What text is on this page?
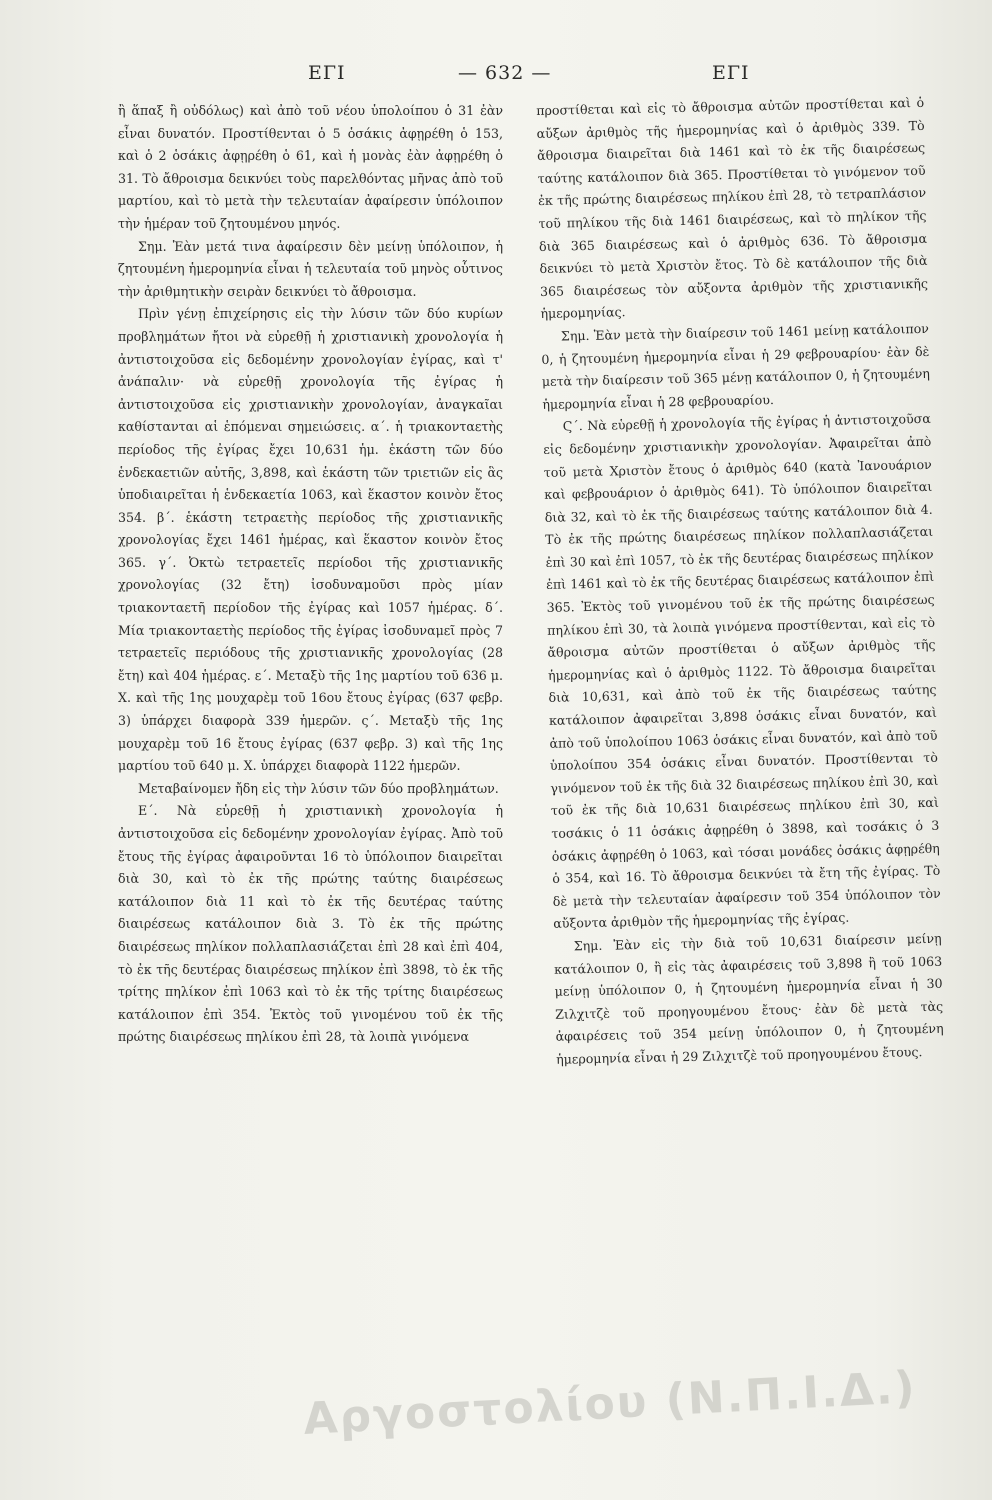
ΕΓΙ	— 632 —	ΕΓΙ

ἢ ἅπαξ ἢ οὐδόλως) καὶ ἀπὸ τοῦ νέου ὑπολοίπου ὁ 31 ἐὰν εἶναι δυνατόν. Προστίθενται ὁ 5 ὁσάκις ἀφῃρέθη ὁ 153, καὶ ὁ 2 ὁσάκις ἀφῃρέθη ὁ 61, καὶ ἡ μονὰς ἐὰν ἀφῃρέθη ὁ 31. Τὸ ἄθροισμα δεικνύει τοὺς παρελθόντας μῆνας ἀπὸ τοῦ μαρτίου, καὶ τὸ μετὰ τὴν τελευταίαν ἀφαίρεσιν ὑπόλοιπον τὴν ἡμέραν τοῦ ζητουμένου μηνός.

Σημ. Ἐὰν μετά τινα ἀφαίρεσιν δὲν μείνῃ ὑπόλοιπον, ἡ ζητουμένη ἡμερομηνία εἶναι ἡ τελευταία τοῦ μηνὸς οὗτινος τὴν ἀριθμητικὴν σειρὰν δεικνύει τὸ ἄθροισμα.

Πρὶν γένῃ ἐπιχείρησις εἰς τὴν λύσιν τῶν δύο κυρίων προβλημάτων ἤτοι νὰ εὑρεθῇ ἡ χριστιανικὴ χρονολογία ἡ ἀντιστοιχοῦσα εἰς δεδομένην χρονολογίαν ἐγίρας, καὶ τ' ἀνάπαλιν· νὰ εὑρεθῇ χρονολογία τῆς ἐγίρας ἡ ἀντιστοιχοῦσα εἰς χριστιανικὴν χρονολογίαν, ἀναγκαῖαι καθίστανται αἱ ἑπόμεναι σημειώσεις. α΄. ἡ τριακονταετὴς περίοδος τῆς ἐγίρας ἔχει 10,631 ἡμ. ἑκάστη τῶν δύο ἑνδεκαετιῶν αὐτῆς, 3,898, καὶ ἑκάστη τῶν τριετιῶν εἰς ἃς ὑποδιαιρεῖται ἡ ἑνδεκαετία 1063, καὶ ἕκαστον κοινὸν ἔτος 354. β΄. ἑκάστη τετραετὴς περίοδος τῆς χριστιανικῆς χρονολογίας ἔχει 1461 ἡμέρας, καὶ ἕκαστον κοινὸν ἔτος 365. γ΄. Ὀκτὼ τετραετεῖς περίοδοι τῆς χριστιανικῆς χρονολογίας (32 ἔτη) ἰσοδυναμοῦσι πρὸς μίαν τριακονταετῆ περίοδον τῆς ἐγίρας καὶ 1057 ἡμέρας. δ΄. Μία τριακονταετὴς περίοδος τῆς ἐγίρας ἰσοδυναμεῖ πρὸς 7 τετραετεῖς περιόδους τῆς χριστιανικῆς χρονολογίας (28 ἔτη) καὶ 404 ἡμέρας. ε΄. Μεταξὺ τῆς 1ης μαρτίου τοῦ 636 μ. Χ. καὶ τῆς 1ης μουχαρὲμ τοῦ 16ου ἔτους ἐγίρας (637 φεβρ. 3) ὑπάρχει διαφορὰ 339 ἡμερῶν. ς΄. Μεταξὺ τῆς 1ης μουχαρὲμ τοῦ 16 ἔτους ἐγίρας (637 φεβρ. 3) καὶ τῆς 1ης μαρτίου τοῦ 640 μ. Χ. ὑπάρχει διαφορὰ 1122 ἡμερῶν.

Μεταβαίνομεν ἤδη εἰς τὴν λύσιν τῶν δύο προβλημάτων.

Ε΄. Νὰ εὑρεθῇ ἡ χριστιανικὴ χρονολογία ἡ ἀντιστοιχοῦσα εἰς δεδομένην χρονολογίαν ἐγίρας. Ἀπὸ τοῦ ἔτους τῆς ἐγίρας ἀφαιροῦνται 16 τὸ ὑπόλοιπον διαιρεῖται διὰ 30, καὶ τὸ ἐκ τῆς πρώτης ταύτης διαιρέσεως κατάλοιπον διὰ 11 καὶ τὸ ἐκ τῆς δευτέρας ταύτης διαιρέσεως κατάλοιπον διὰ 3. Τὸ ἐκ τῆς πρώτης διαιρέσεως πηλίκον πολλαπλασιάζεται ἐπὶ 28 καὶ ἐπὶ 404, τὸ ἐκ τῆς δευτέρας διαιρέσεως πηλίκον ἐπὶ 3898, τὸ ἐκ τῆς τρίτης πηλίκον ἐπὶ 1063 καὶ τὸ ἐκ τῆς τρίτης διαιρέσεως κατάλοιπον ἐπὶ 354. Ἐκτὸς τοῦ γινομένου τοῦ ἐκ τῆς πρώτης διαιρέσεως πηλίκου ἐπὶ 28, τὰ λοιπὰ γινόμενα

προστίθεται καὶ εἰς τὸ ἄθροισμα αὐτῶν προστίθεται καὶ ὁ αὔξων ἀριθμὸς τῆς ἡμερομηνίας καὶ ὁ ἀριθμὸς 339. Τὸ ἄθροισμα διαιρεῖται διὰ 1461 καὶ τὸ ἐκ τῆς διαιρέσεως ταύτης κατάλοιπον διὰ 365. Προστίθεται τὸ γινόμενον τοῦ ἐκ τῆς πρώτης διαιρέσεως πηλίκου ἐπὶ 28, τὸ τετραπλάσιον τοῦ πηλίκου τῆς διὰ 1461 διαιρέσεως, καὶ τὸ πηλίκον τῆς διὰ 365 διαιρέσεως καὶ ὁ ἀριθμὸς 636. Τὸ ἄθροισμα δεικνύει τὸ μετὰ Χριστὸν ἔτος. Τὸ δὲ κατάλοιπον τῆς διὰ 365 διαιρέσεως τὸν αὔξοντα ἀριθμὸν τῆς χριστιανικῆς ἡμερομηνίας.

Σημ. Ἐὰν μετὰ τὴν διαίρεσιν τοῦ 1461 μείνῃ κατάλοιπον 0, ἡ ζητουμένη ἡμερομηνία εἶναι ἡ 29 φεβρουαρίου· ἐὰν δὲ μετὰ τὴν διαίρεσιν τοῦ 365 μένῃ κατάλοιπον 0, ἡ ζητουμένη ἡμερομηνία εἶναι ἡ 28 φεβρουαρίου.

Ϛ΄. Νὰ εὑρεθῇ ἡ χρονολογία τῆς ἐγίρας ἡ ἀντιστοιχοῦσα εἰς δεδομένην χριστιανικὴν χρονολογίαν. Ἀφαιρεῖται ἀπὸ τοῦ μετὰ Χριστὸν ἔτους ὁ ἀριθμὸς 640 (κατὰ Ἰανουάριον καὶ φεβρουάριον ὁ ἀριθμὸς 641). Τὸ ὑπόλοιπον διαιρεῖται διὰ 32, καὶ τὸ ἐκ τῆς διαιρέσεως ταύτης κατάλοιπον διὰ 4. Τὸ ἐκ τῆς πρώτης διαιρέσεως πηλίκον πολλαπλασιάζεται ἐπὶ 30 καὶ ἐπὶ 1057, τὸ ἐκ τῆς δευτέρας διαιρέσεως πηλίκον ἐπὶ 1461 καὶ τὸ ἐκ τῆς δευτέρας διαιρέσεως κατάλοιπον ἐπὶ 365. Ἐκτὸς τοῦ γινομένου τοῦ ἐκ τῆς πρώτης διαιρέσεως πηλίκου ἐπὶ 30, τὰ λοιπὰ γινόμενα προστίθενται, καὶ εἰς τὸ ἄθροισμα αὐτῶν προστίθεται ὁ αὔξων ἀριθμὸς τῆς ἡμερομηνίας καὶ ὁ ἀριθμὸς 1122. Τὸ ἄθροισμα διαιρεῖται διὰ 10,631, καὶ ἀπὸ τοῦ ἐκ τῆς διαιρέσεως ταύτης κατάλοιπον ἀφαιρεῖται 3,898 ὁσάκις εἶναι δυνατόν, καὶ ἀπὸ τοῦ ὑπολοίπου 1063 ὁσάκις εἶναι δυνατόν, καὶ ἀπὸ τοῦ ὑπολοίπου 354 ὁσάκις εἶναι δυνατόν. Προστίθενται τὸ γινόμενον τοῦ ἐκ τῆς διὰ 32 διαιρέσεως πηλίκου ἐπὶ 30, καὶ τοῦ ἐκ τῆς διὰ 10,631 διαιρέσεως πηλίκου ἐπὶ 30, καὶ τοσάκις ὁ 11 ὁσάκις ἀφῃρέθη ὁ 3898, καὶ τοσάκις ὁ 3 ὁσάκις ἀφῃρέθη ὁ 1063, καὶ τόσαι μονάδες ὁσάκις ἀφῃρέθη ὁ 354, καὶ 16. Τὸ ἄθροισμα δεικνύει τὰ ἔτη τῆς ἐγίρας. Τὸ δὲ μετὰ τὴν τελευταίαν ἀφαίρεσιν τοῦ 354 ὑπόλοιπον τὸν αὔξοντα ἀριθμὸν τῆς ἡμερομηνίας τῆς ἐγίρας.

Σημ. Ἐὰν εἰς τὴν διὰ τοῦ 10,631 διαίρεσιν μείνῃ κατάλοιπον 0, ἢ εἰς τὰς ἀφαιρέσεις τοῦ 3,898 ἢ τοῦ 1063 μείνῃ ὑπόλοιπον 0, ἡ ζητουμένη ἡμερομηνία εἶναι ἡ 30 Ζιλχιτζὲ τοῦ προηγουμένου ἔτους· ἐὰν δὲ μετὰ τὰς ἀφαιρέσεις τοῦ 354 μείνῃ ὑπόλοιπον 0, ἡ ζητουμένη ἡμερομηνία εἶναι ἡ 29 Ζιλχιτζὲ τοῦ προηγουμένου ἔτους.

Αργοστολίου (Ν.Π.Ι.Δ.)
